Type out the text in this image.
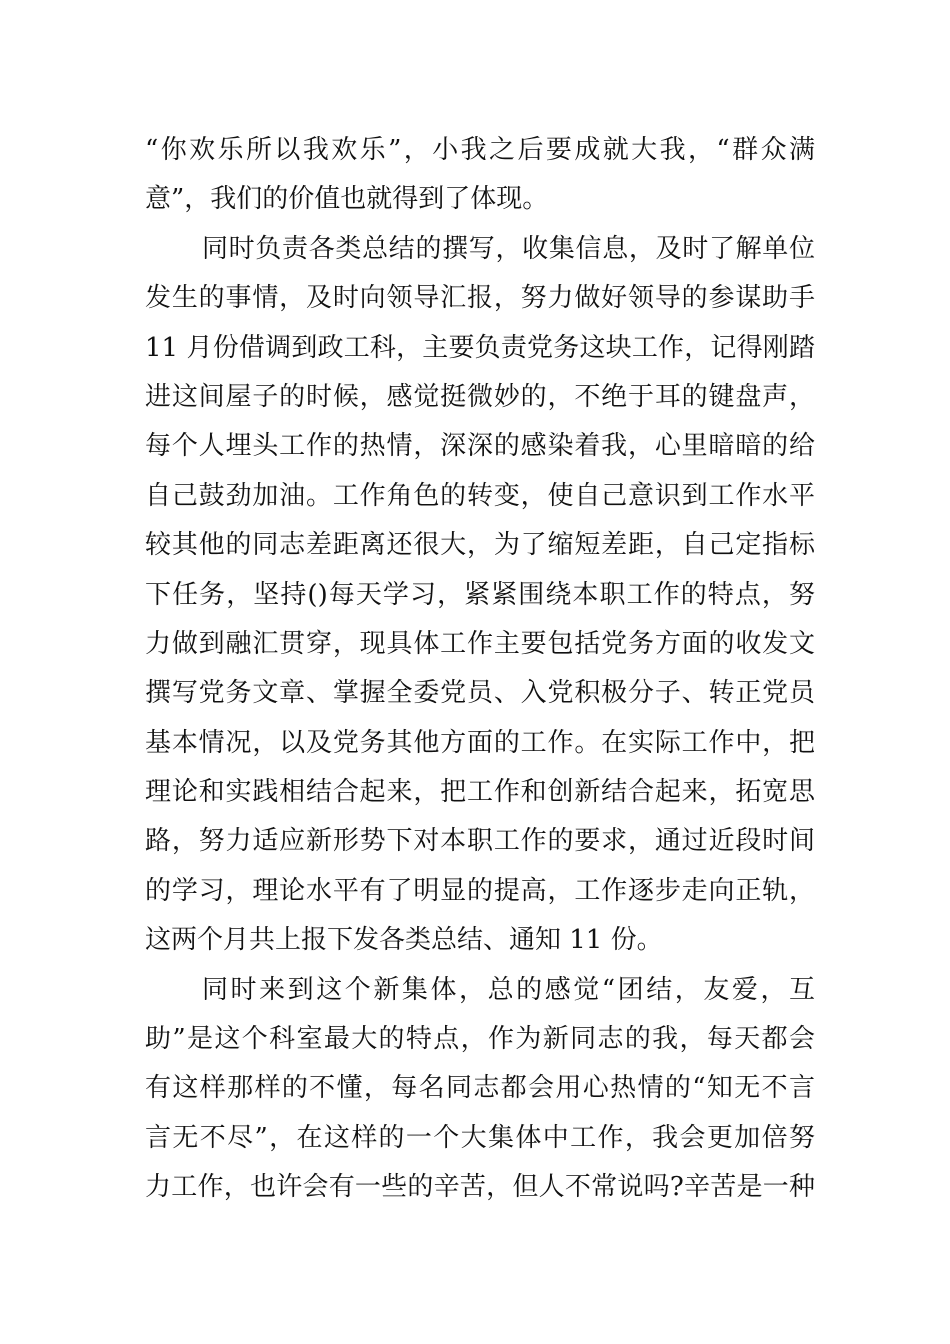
“你欢乐所以我欢乐”，小我之后要成就大我，“群众满
意”，我们的价值也就得到了体现。
同时负责各类总结的撰写，收集信息，及时了解单位
发生的事情，及时向领导汇报，努力做好领导的参谋助手
11 月份借调到政工科，主要负责党务这块工作，记得刚踏
进这间屋子的时候，感觉挺微妙的，不绝于耳的键盘声，
每个人埋头工作的热情，深深的感染着我，心里暗暗的给
自己鼓劲加油。工作角色的转变，使自己意识到工作水平
较其他的同志差距离还很大，为了缩短差距，自己定指标
下任务，坚持()每天学习，紧紧围绕本职工作的特点，努
力做到融汇贯穿，现具体工作主要包括党务方面的收发文
撰写党务文章、掌握全委党员、入党积极分子、转正党员
基本情况，以及党务其他方面的工作。在实际工作中，把
理论和实践相结合起来，把工作和创新结合起来，拓宽思
路，努力适应新形势下对本职工作的要求，通过近段时间
的学习，理论水平有了明显的提高，工作逐步走向正轨，
这两个月共上报下发各类总结、通知 11 份。
同时来到这个新集体，总的感觉“团结，友爱，互
助”是这个科室最大的特点，作为新同志的我，每天都会
有这样那样的不懂，每名同志都会用心热情的“知无不言
言无不尽”，在这样的一个大集体中工作，我会更加倍努
力工作，也许会有一些的辛苦，但人不常说吗?辛苦是一种
